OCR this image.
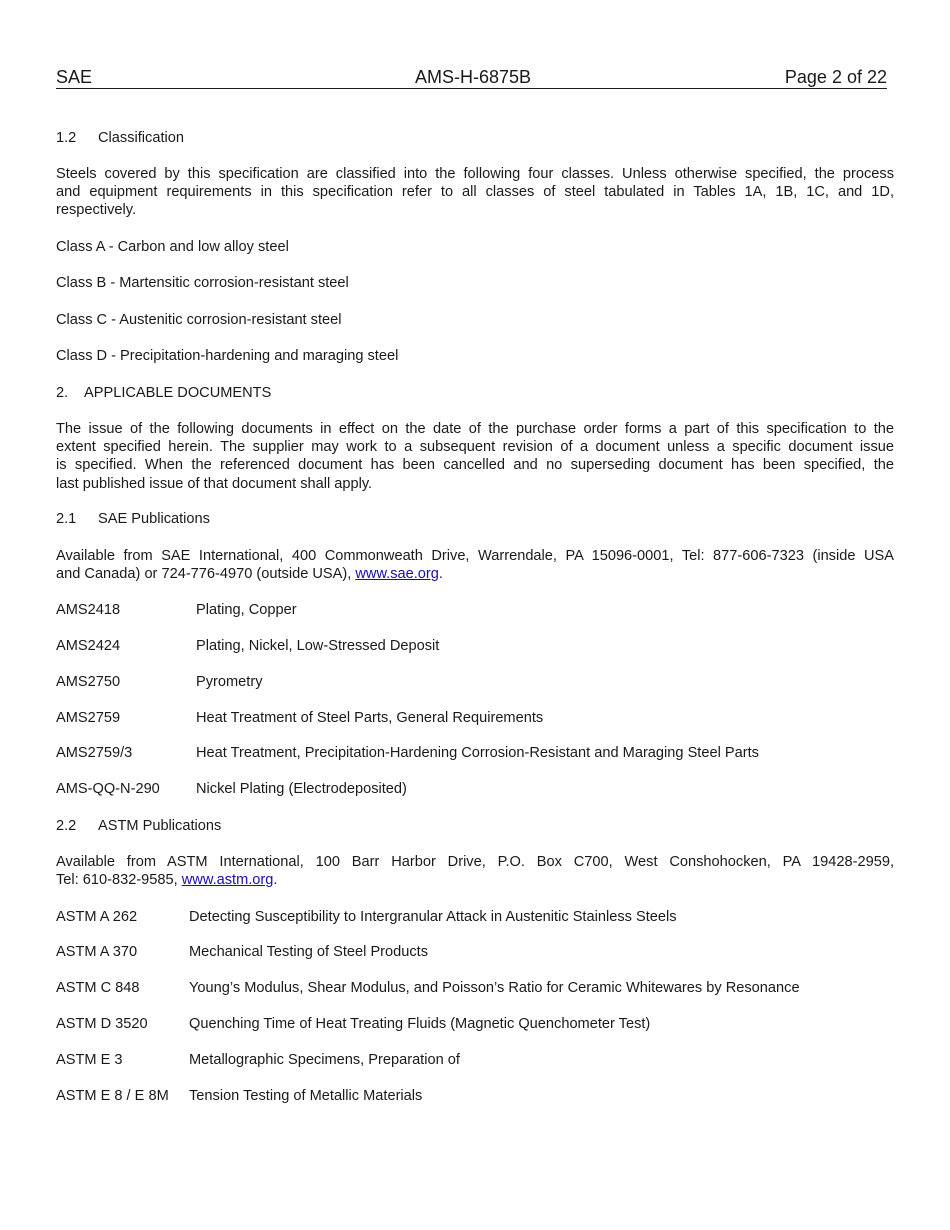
SAE	AMS-H-6875B	Page 2 of 22
1.2 Classification
Steels covered by this specification are classified into the following four classes. Unless otherwise specified, the process
and equipment requirements in this specification refer to all classes of steel tabulated in Tables 1A, 1B, 1C, and 1D,
respectively.
Class A - Carbon and low alloy steel
Class B - Martensitic corrosion-resistant steel
Class C - Austenitic corrosion-resistant steel
Class D - Precipitation-hardening and maraging steel
2. APPLICABLE DOCUMENTS
The issue of the following documents in effect on the date of the purchase order forms a part of this specification to the
extent specified herein. The supplier may work to a subsequent revision of a document unless a specific document issue
is specified. When the referenced document has been cancelled and no superseding document has been specified, the
last published issue of that document shall apply.
2.1 SAE Publications
Available from SAE International, 400 Commonweath Drive, Warrendale, PA 15096-0001, Tel: 877-606-7323 (inside USA
and Canada) or 724-776-4970 (outside USA), www.sae.org.
AMS2418	Plating, Copper
AMS2424	Plating, Nickel, Low-Stressed Deposit
AMS2750	Pyrometry
AMS2759	Heat Treatment of Steel Parts, General Requirements
AMS2759/3	Heat Treatment, Precipitation-Hardening Corrosion-Resistant and Maraging Steel Parts
AMS-QQ-N-290 Nickel Plating (Electrodeposited)
2.2 ASTM Publications
Available from ASTM International, 100 Barr Harbor Drive, P.O. Box C700, West Conshohocken, PA 19428-2959,
Tel: 610-832-9585, www.astm.org.
ASTM A 262	Detecting Susceptibility to Intergranular Attack in Austenitic Stainless Steels
ASTM A 370	Mechanical Testing of Steel Products
ASTM C 848	Young’s Modulus, Shear Modulus, and Poisson’s Ratio for Ceramic Whitewares by Resonance
ASTM D 3520	Quenching Time of Heat Treating Fluids (Magnetic Quenchometer Test)
ASTM E 3	Metallographic Specimens, Preparation of
ASTM E 8 / E 8M Tension Testing of Metallic Materials
